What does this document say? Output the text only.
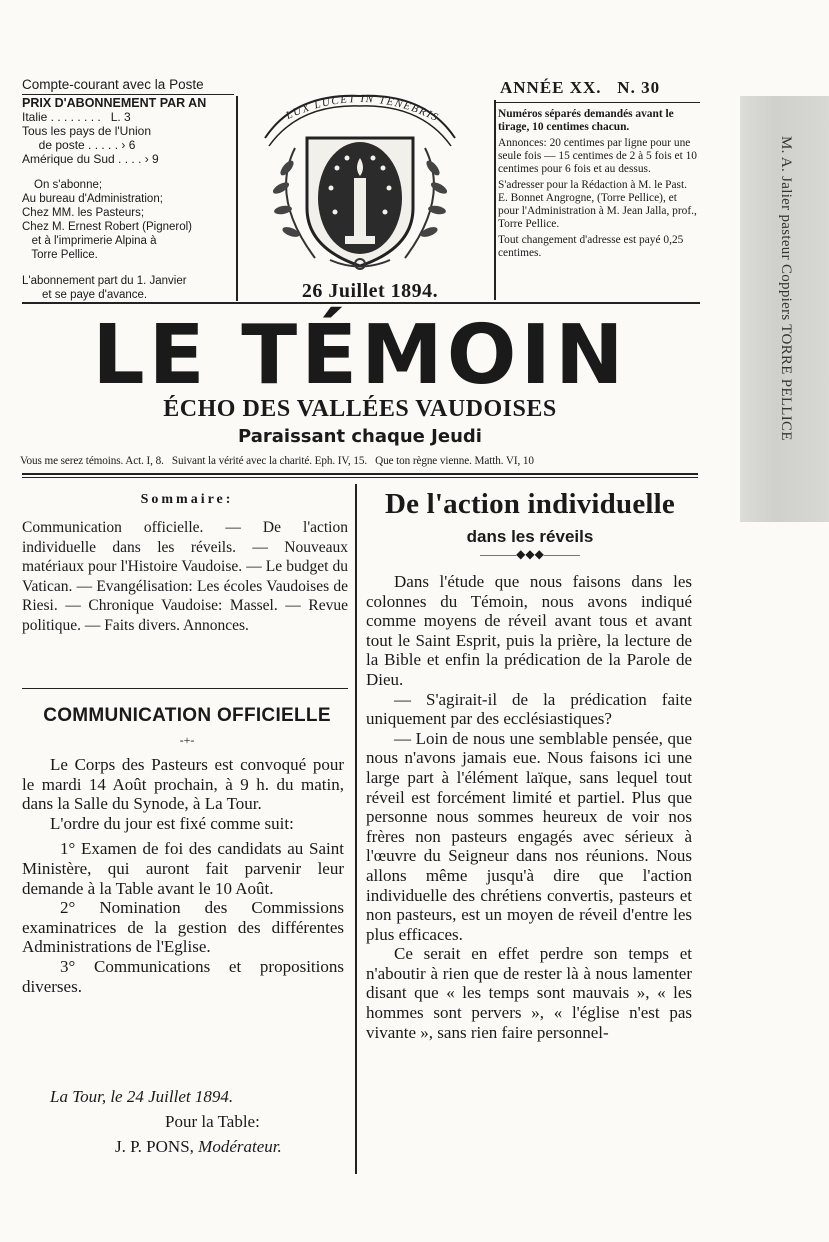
Compte-courant avec la Poste
PRIX D'ABONNEMENT PAR AN
Italie . . . . . . . .   L. 3
Tous les pays de l'Union
de poste . . . . . › 6
Amérique du Sud . . . . › 9
On s'abonne;
Au bureau d'Administration;
Chez MM. les Pasteurs;
Chez M. Ernest Robert (Pignerol)
et à l'imprimerie Alpina à
Torre Pellice.
L'abonnement part du 1. Janvier
et se paye d'avance.
LUX LUCET IN TENEBRIS
ANNÉE XX.   N. 30
Numéros séparés demandés avant le tirage, 10 centimes chacun.
Annonces: 20 centimes par ligne pour une seule fois — 15 centimes de 2 à 5 fois et 10 centimes pour 6 fois et au dessus.
S'adresser pour la Rédaction à M. le Past. E. Bonnet Angrogne, (Torre Pellice), et pour l'Administration à M. Jean Jalla, prof., Torre Pellice.
Tout changement d'adresse est payé 0,25 centimes.
26 Juillet 1894.	M. A. Jalier pasteur Coppiers TORRE PELLICE
LE TÉMOIN
ÉCHO DES VALLÉES VAUDOISES
Paraissant chaque Jeudi
Vous me serez témoins. Act. I, 8.   Suivant la vérité avec la charité. Eph. IV, 15.   Que ton règne vienne. Matth. VI, 10
Sommaire:
Communication officielle. — De l'action individuelle dans les réveils. — Nouveaux matériaux pour l'Histoire Vaudoise. — Le budget du Vatican. — Evangélisation: Les écoles Vaudoises de Riesi. — Chronique Vaudoise: Massel. — Revue politique. — Faits divers. Annonces.
COMMUNICATION OFFICIELLE
-+-

Le Corps des Pasteurs est convoqué pour le mardi 14 Août prochain, à 9 h. du matin, dans la Salle du Synode, à La Tour.

L'ordre du jour est fixé comme suit:

1° Examen de foi des candidats au Saint Ministère, qui auront fait parvenir leur demande à la Table avant le 10 Août.

2° Nomination des Commissions examinatrices de la gestion des différentes Administrations de l'Eglise.

3° Communications et propositions diverses.

La Tour, le 24 Juillet 1894.
Pour la Table:
J. P. PONS, Modérateur.
De l'action individuelle
dans les réveils
———◆◆◆———

Dans l'étude que nous faisons dans les colonnes du Témoin, nous avons indiqué comme moyens de réveil avant tous et avant tout le Saint Esprit, puis la prière, la lecture de la Bible et enfin la prédication de la Parole de Dieu.

— S'agirait-il de la prédication faite uniquement par des ecclésiastiques?

— Loin de nous une semblable pensée, que nous n'avons jamais eue. Nous faisons ici une large part à l'élément laïque, sans lequel tout réveil est forcément limité et partiel. Plus que personne nous sommes heureux de voir nos frères non pasteurs engagés avec sérieux à l'œuvre du Seigneur dans nos réunions. Nous allons même jusqu'à dire que l'action individuelle des chrétiens convertis, pasteurs et non pasteurs, est un moyen de réveil d'entre les plus efficaces.

Ce serait en effet perdre son temps et n'aboutir à rien que de rester là à nous lamenter disant que « les temps sont mauvais », « les hommes sont pervers », « l'église n'est pas vivante », sans rien faire personnel-
